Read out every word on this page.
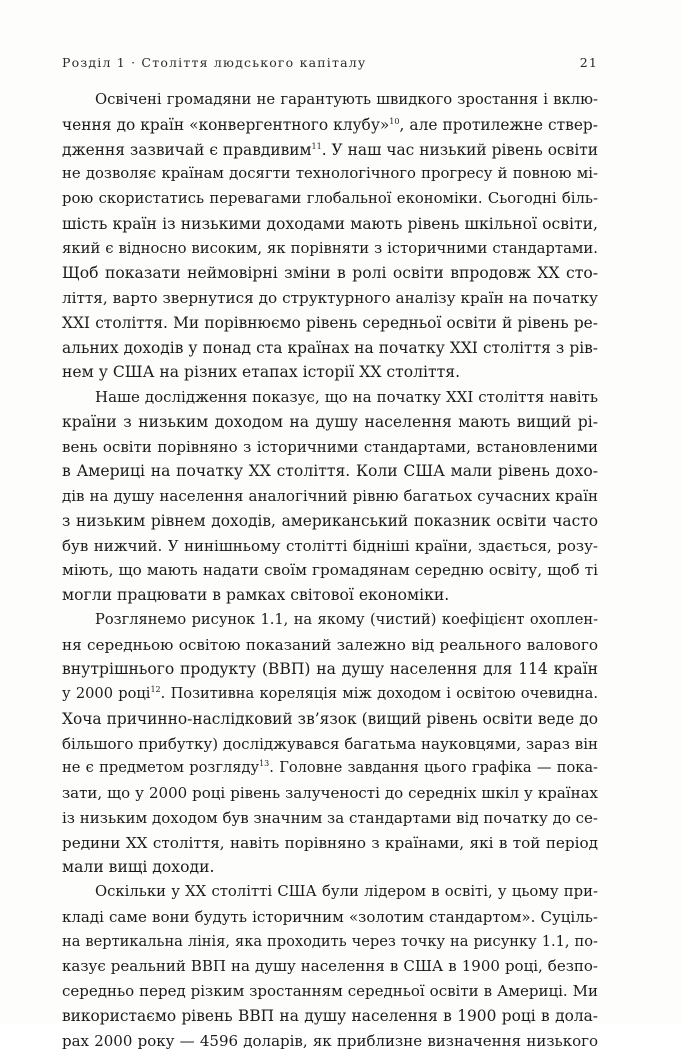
Розділ 1 · Століття людського капіталу	21
Освічені громадяни не гарантують швидкого зростання і вклю-
чення до країн «конвергентного клубу»$^{10}$, але протилежне ствер-
дження зазвичай є правдивим$^{11}$. У наш час низький рівень освіти
не дозволяє країнам досягти технологічного прогресу й повною мі-
рою скористатись перевагами глобальної економіки. Сьогодні біль-
шість країн із низькими доходами мають рівень шкільної освіти,
який є відносно високим, як порівняти з історичними стандартами.
Щоб показати неймовірні зміни в ролі освіти впродовж XX сто-
ліття, варто звернутися до структурного аналізу країн на початку
XXI століття. Ми порівнюємо рівень середньої освіти й рівень ре-
альних доходів у понад ста країнах на початку XXI століття з рів-
нем у США на різних етапах історії XX століття.
Наше дослідження показує, що на початку XXI століття навіть
країни з низьким доходом на душу населення мають вищий рі-
вень освіти порівняно з історичними стандартами, встановленими
в Америці на початку XX століття. Коли США мали рівень дохо-
дів на душу населення аналогічний рівню багатьох сучасних країн
з низьким рівнем доходів, американський показник освіти часто
був нижчий. У нинішньому столітті бідніші країни, здається, розу-
міють, що мають надати своїм громадянам середню освіту, щоб ті
могли працювати в рамках світової економіки.
Розглянемо рисунок 1.1, на якому (чистий) коефіцієнт охоплен-
ня середньою освітою показаний залежно від реального валового
внутрішнього продукту (ВВП) на душу населення для 114 країн
у 2000 році$^{12}$. Позитивна кореляція між доходом і освітою очевидна.
Хоча причинно-наслідковий зв’язок (вищий рівень освіти веде до
більшого прибутку) досліджувався багатьма науковцями, зараз він
не є предметом розгляду$^{13}$. Головне завдання цього графіка — пока-
зати, що у 2000 році рівень залученості до середніх шкіл у країнах
із низьким доходом був значним за стандартами від початку до се-
редини XX століття, навіть порівняно з країнами, які в той період
мали вищі доходи.
Оскільки у XX столітті США були лідером в освіті, у цьому при-
кладі саме вони будуть історичним «золотим стандартом». Суціль-
на вертикальна лінія, яка проходить через точку на рисунку 1.1, по-
казує реальний ВВП на душу населення в США в 1900 році, безпо-
середньо перед різким зростанням середньої освіти в Америці. Ми
використаємо рівень ВВП на душу населення в 1900 році в дола-
рах 2000 року — 4596 доларів, як приблизне визначення низького
